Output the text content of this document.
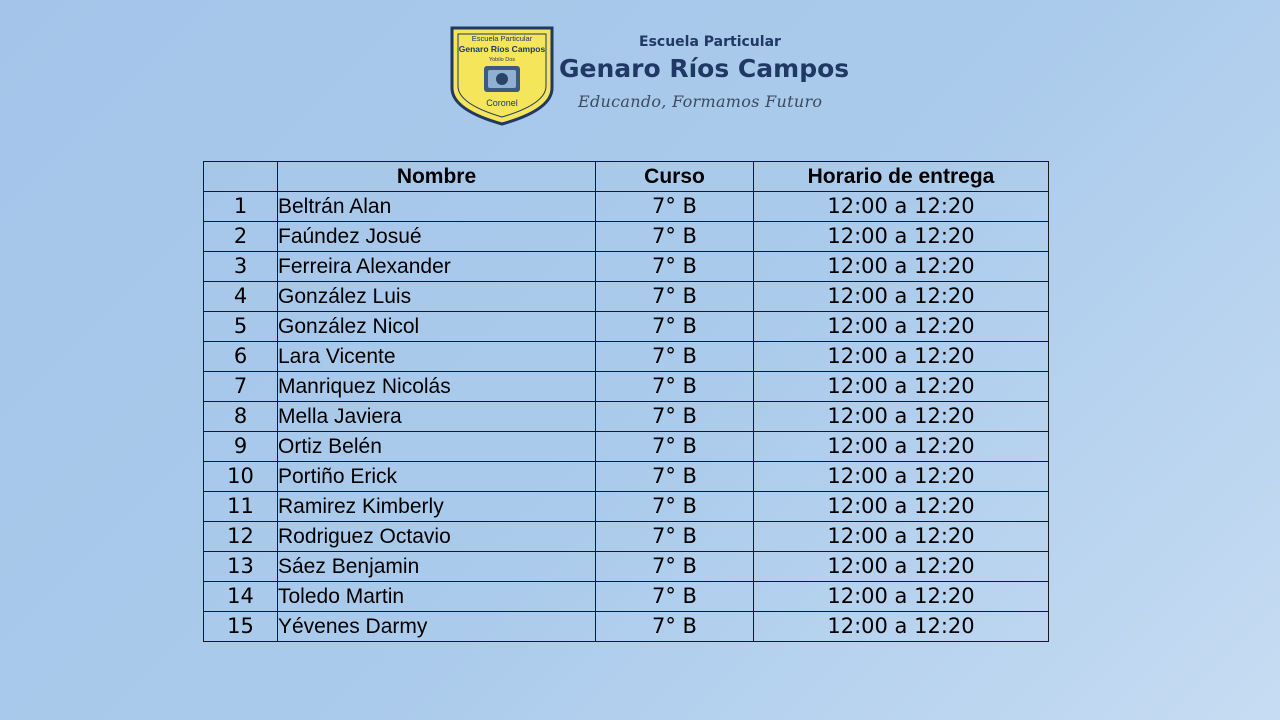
Escuela Particular
Genaro Ríos Campos
Yobilo Dos
Coronel

Escuela Particular

Genaro Ríos Campos

Educando, Formamos Futuro

	Nombre	Curso	Horario de entrega
1	Beltrán Alan	7° B	12:00 a 12:20
2	Faúndez Josué	7° B	12:00 a 12:20
3	Ferreira Alexander	7° B	12:00 a 12:20
4	González Luis	7° B	12:00 a 12:20
5	González Nicol	7° B	12:00 a 12:20
6	Lara Vicente	7° B	12:00 a 12:20
7	Manriquez Nicolás	7° B	12:00 a 12:20
8	Mella Javiera	7° B	12:00 a 12:20
9	Ortiz Belén	7° B	12:00 a 12:20
10	Portiño Erick	7° B	12:00 a 12:20
11	Ramirez Kimberly	7° B	12:00 a 12:20
12	Rodriguez Octavio	7° B	12:00 a 12:20
13	Sáez Benjamin	7° B	12:00 a 12:20
14	Toledo Martin	7° B	12:00 a 12:20
15	Yévenes Darmy	7° B	12:00 a 12:20
